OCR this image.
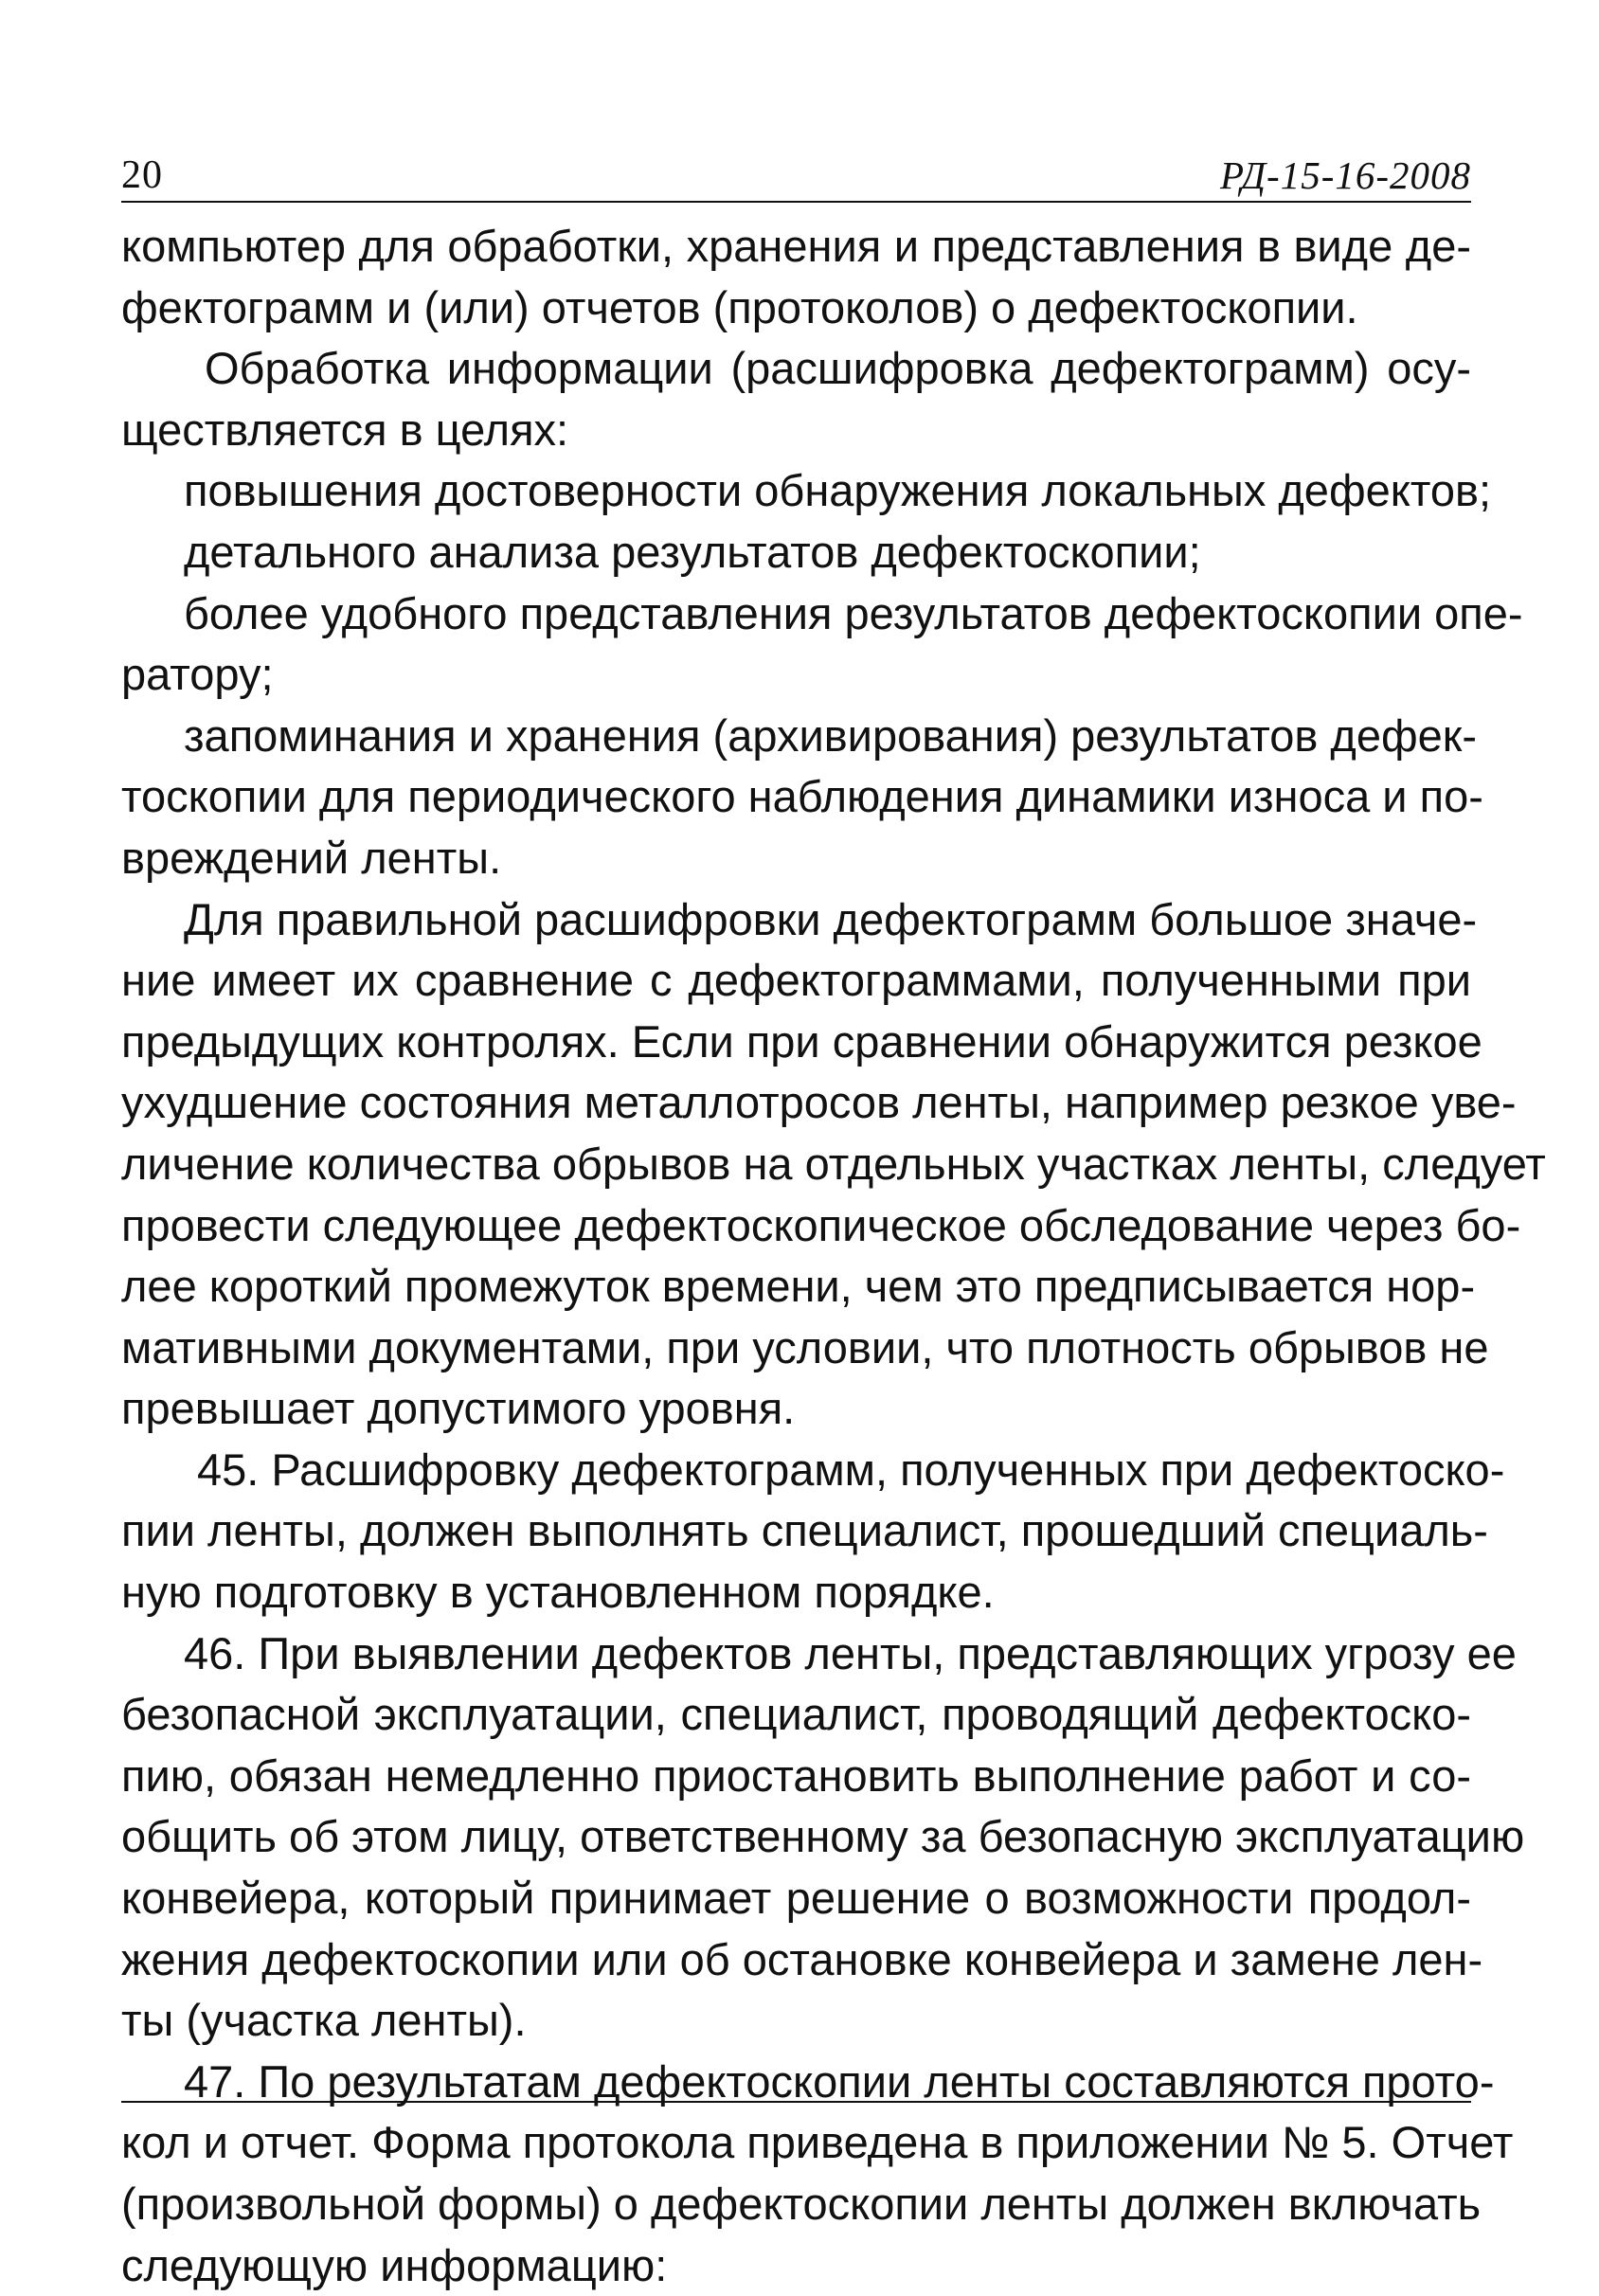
20	РД-15-16-2008
компьютер для обработки, хранения и представления в виде де-
фектограмм и (или) отчетов (протоколов) о дефектоскопии.
Обработка информации (расшифровка дефектограмм) осу-
ществляется в целях:
повышения достоверности обнаружения локальных дефектов;
детального анализа результатов дефектоскопии;
более удобного представления результатов дефектоскопии опе-
ратору;
запоминания и хранения (архивирования) результатов дефек-
тоскопии для периодического наблюдения динамики износа и по-
вреждений ленты.
Для правильной расшифровки дефектограмм большое значе-
ние имеет их сравнение с дефектограммами, полученными при
предыдущих контролях. Если при сравнении обнаружится резкое
ухудшение состояния металлотросов ленты, например резкое уве-
личение количества обрывов на отдельных участках ленты, следует
провести следующее дефектоскопическое обследование через бо-
лее короткий промежуток времени, чем это предписывается нор-
мативными документами, при условии, что плотность обрывов не
превышает допустимого уровня.
45. Расшифровку дефектограмм, полученных при дефектоско-
пии ленты, должен выполнять специалист, прошедший специаль-
ную подготовку в установленном порядке.
46. При выявлении дефектов ленты, представляющих угрозу ее
безопасной эксплуатации, специалист, проводящий дефектоско-
пию, обязан немедленно приостановить выполнение работ и со-
общить об этом лицу, ответственному за безопасную эксплуатацию
конвейера, который принимает решение о возможности продол-
жения дефектоскопии или об остановке конвейера и замене лен-
ты (участка ленты).
47. По результатам дефектоскопии ленты составляются прото-
кол и отчет. Форма протокола приведена в приложении № 5. Отчет
(произвольной формы) о дефектоскопии ленты должен включать
следующую информацию:
